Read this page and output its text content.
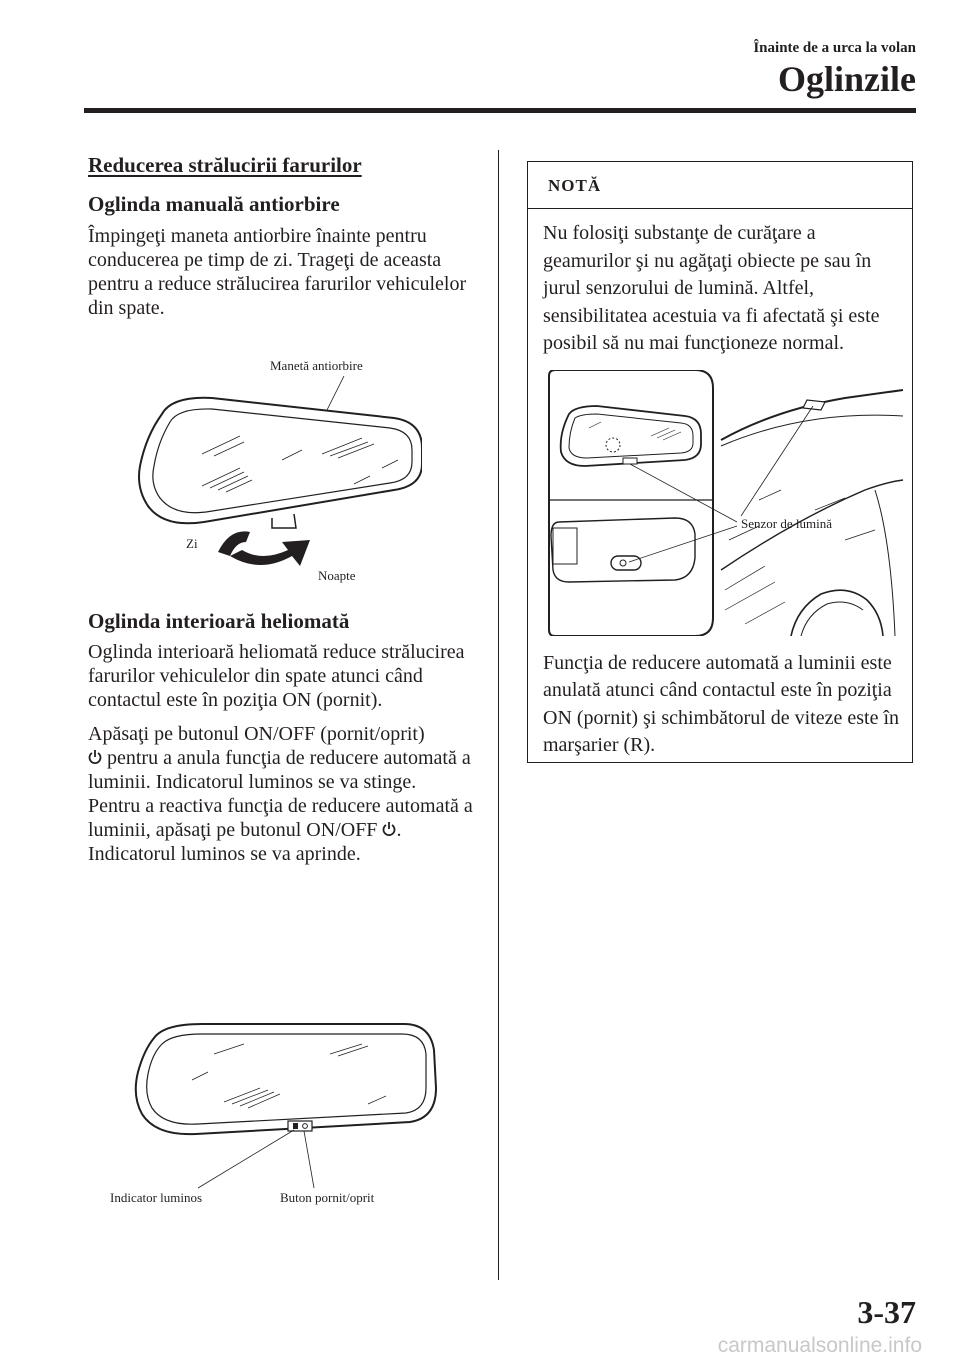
Înainte de a urca la volan
Oglinzile
Reducerea strălucirii farurilor
Oglinda manuală antiorbire

Împingeţi maneta antiorbire înainte pentru conducerea pe timp de zi. Trageţi de aceasta pentru a reduce strălucirea farurilor vehiculelor din spate.

Manetă antiorbire
Zi
Noapte
Oglinda interioară heliomată

Oglinda interioară heliomată reduce strălucirea farurilor vehiculelor din spate atunci când contactul este în poziţia ON (pornit).

Apăsaţi pe butonul ON/OFF (pornit/oprit)
pentru a anula funcţia de reducere automată a luminii. Indicatorul luminos se va stinge.

Pentru a reactiva funcţia de reducere automată a luminii, apăsaţi pe butonul ON/OFF . Indicatorul luminos se va aprinde.

Indicator luminos	Buton pornit/oprit
NOTĂ

Nu folosiţi substanţe de curăţare a geamurilor şi nu agăţaţi obiecte pe sau în jurul senzorului de lumină. Altfel, sensibilitatea acestuia va fi afectată şi este posibil să nu mai funcţioneze normal.

Senzor de lumină

Funcţia de reducere automată a luminii este anulată atunci când contactul este în poziţia ON (pornit) şi schimbătorul de viteze este în marşarier (R).

3-37
carmanualsonline.info
